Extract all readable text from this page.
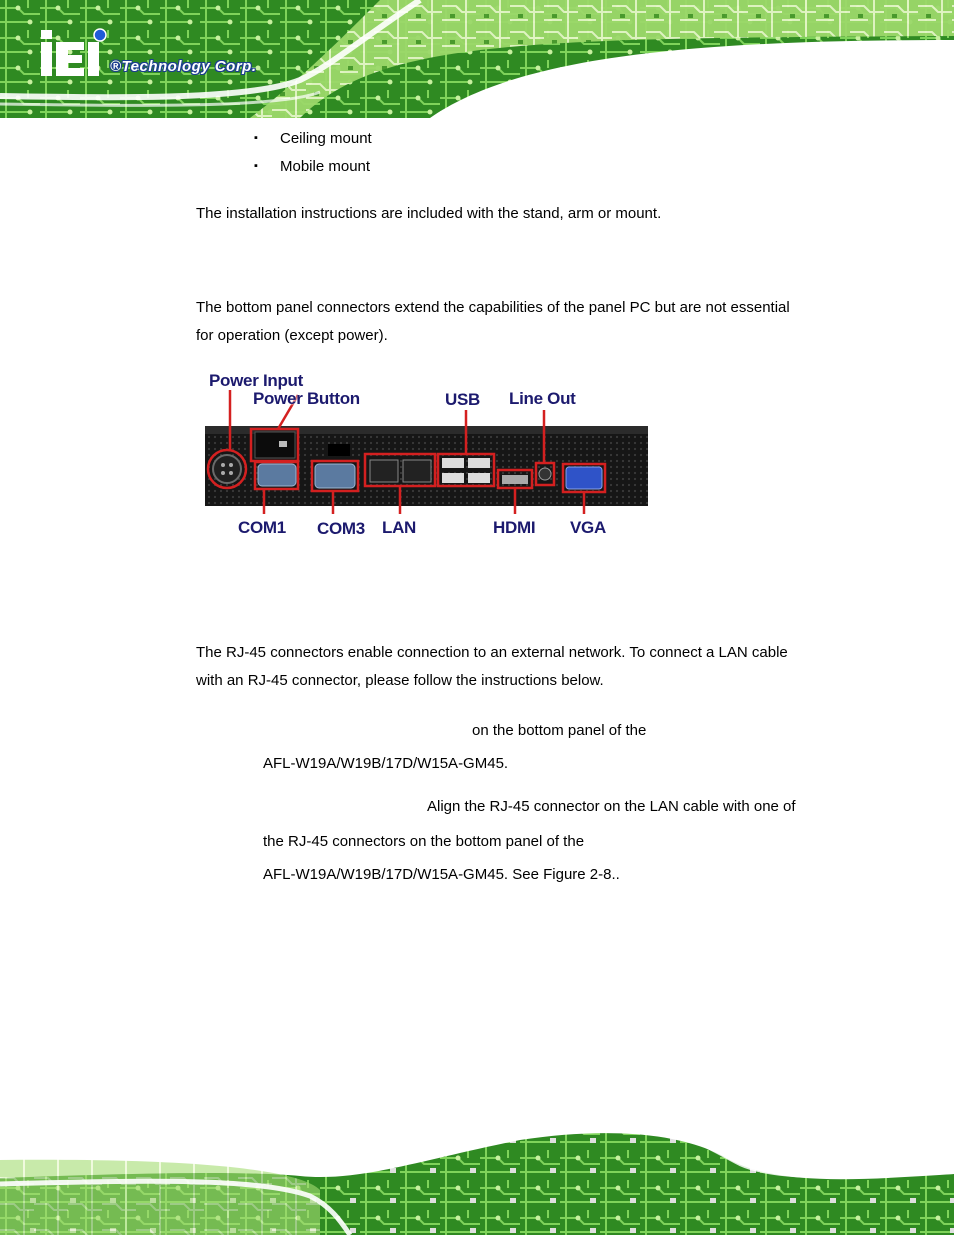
®Technology Corp.
▪ Ceiling mount
▪ Mobile mount
The installation instructions are included with the stand, arm or mount.
The bottom panel connectors extend the capabilities of the panel PC but are not essential
for operation (except power).
Power Input
Power Button	USB Line Out
COM1 COM3 LAN	HDMI VGA
The RJ-45 connectors enable connection to an external network. To connect a LAN cable
with an RJ-45 connector, please follow the instructions below.
on the bottom panel of the
AFL-W19A/W19B/17D/W15A-GM45.
Align the RJ-45 connector on the LAN cable with one of
the RJ-45 connectors on the bottom panel of the
AFL-W19A/W19B/17D/W15A-GM45. See Figure 2-8..
